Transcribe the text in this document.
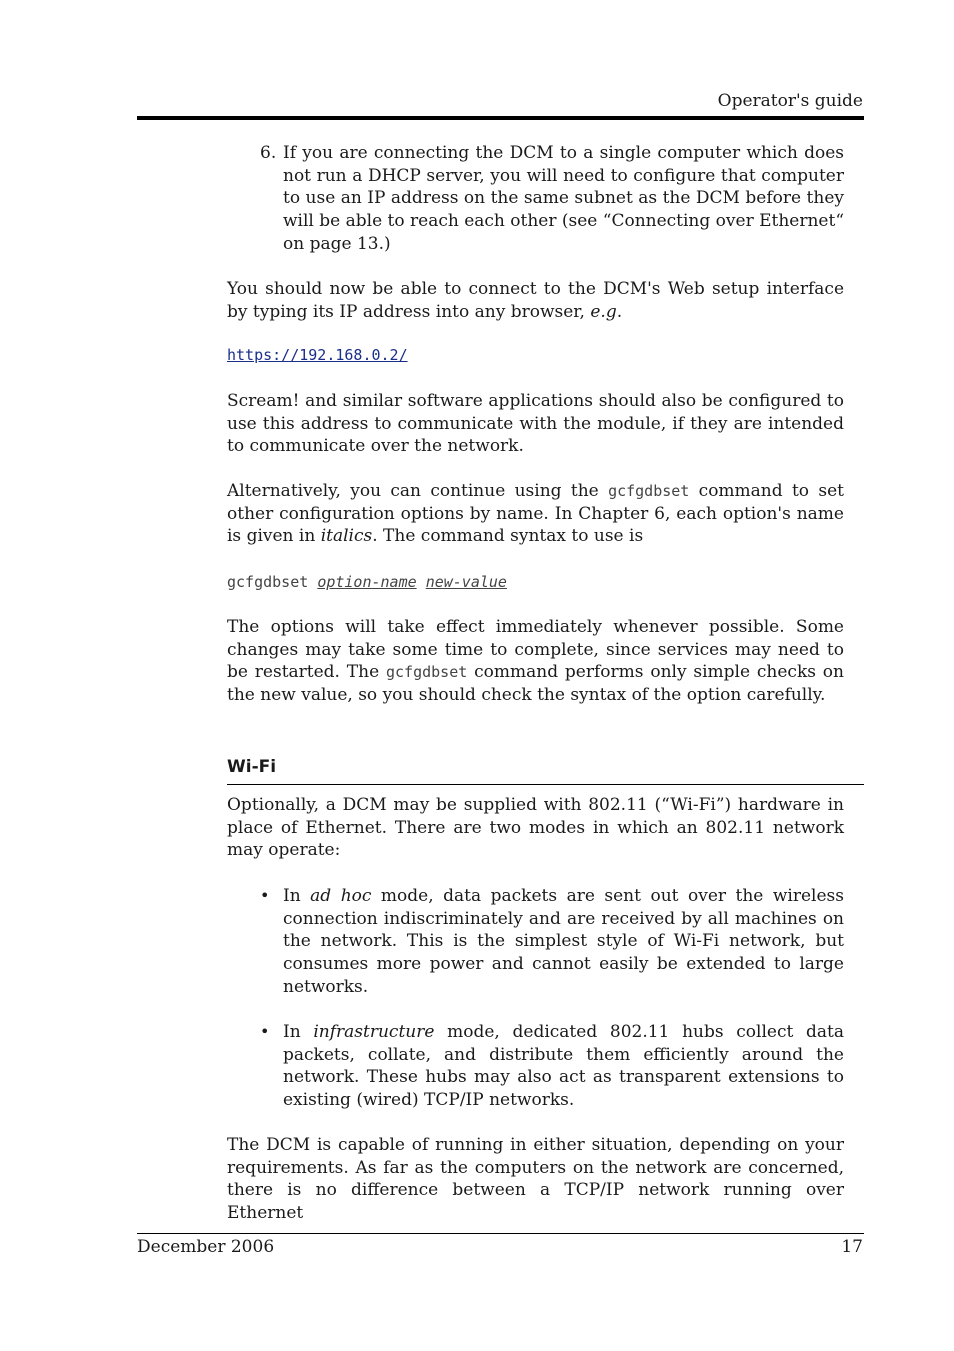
Operator's guide
6. If you are connecting the DCM to a single computer which does not run a DHCP server, you will need to configure that computer to use an IP address on the same subnet as the DCM before they will be able to reach each other (see “Connecting over Ethernet“ on page 13.)
You should now be able to connect to the DCM's Web setup interface by typing its IP address into any browser, e.g.
https://192.168.0.2/
Scream! and similar software applications should also be configured to use this address to communicate with the module, if they are intended to communicate over the network.
Alternatively, you can continue using the gcfgdbset command to set other configuration options by name. In Chapter 6, each option's name is given in italics. The command syntax to use is
gcfgdbset option-name new-value
The options will take effect immediately whenever possible. Some changes may take some time to complete, since services may need to be restarted. The gcfgdbset command performs only simple checks on the new value, so you should check the syntax of the option carefully.
Wi-Fi
Optionally, a DCM may be supplied with 802.11 (“Wi-Fi”) hardware in place of Ethernet. There are two modes in which an 802.11 network may operate:
• In ad hoc mode, data packets are sent out over the wireless connection indiscriminately and are received by all machines on the network. This is the simplest style of Wi-Fi network, but consumes more power and cannot easily be extended to large networks.
• In infrastructure mode, dedicated 802.11 hubs collect data packets, collate, and distribute them efficiently around the network. These hubs may also act as transparent extensions to existing (wired) TCP/IP networks.
The DCM is capable of running in either situation, depending on your requirements. As far as the computers on the network are concerned, there is no difference between a TCP/IP network running over Ethernet
December 2006	17
